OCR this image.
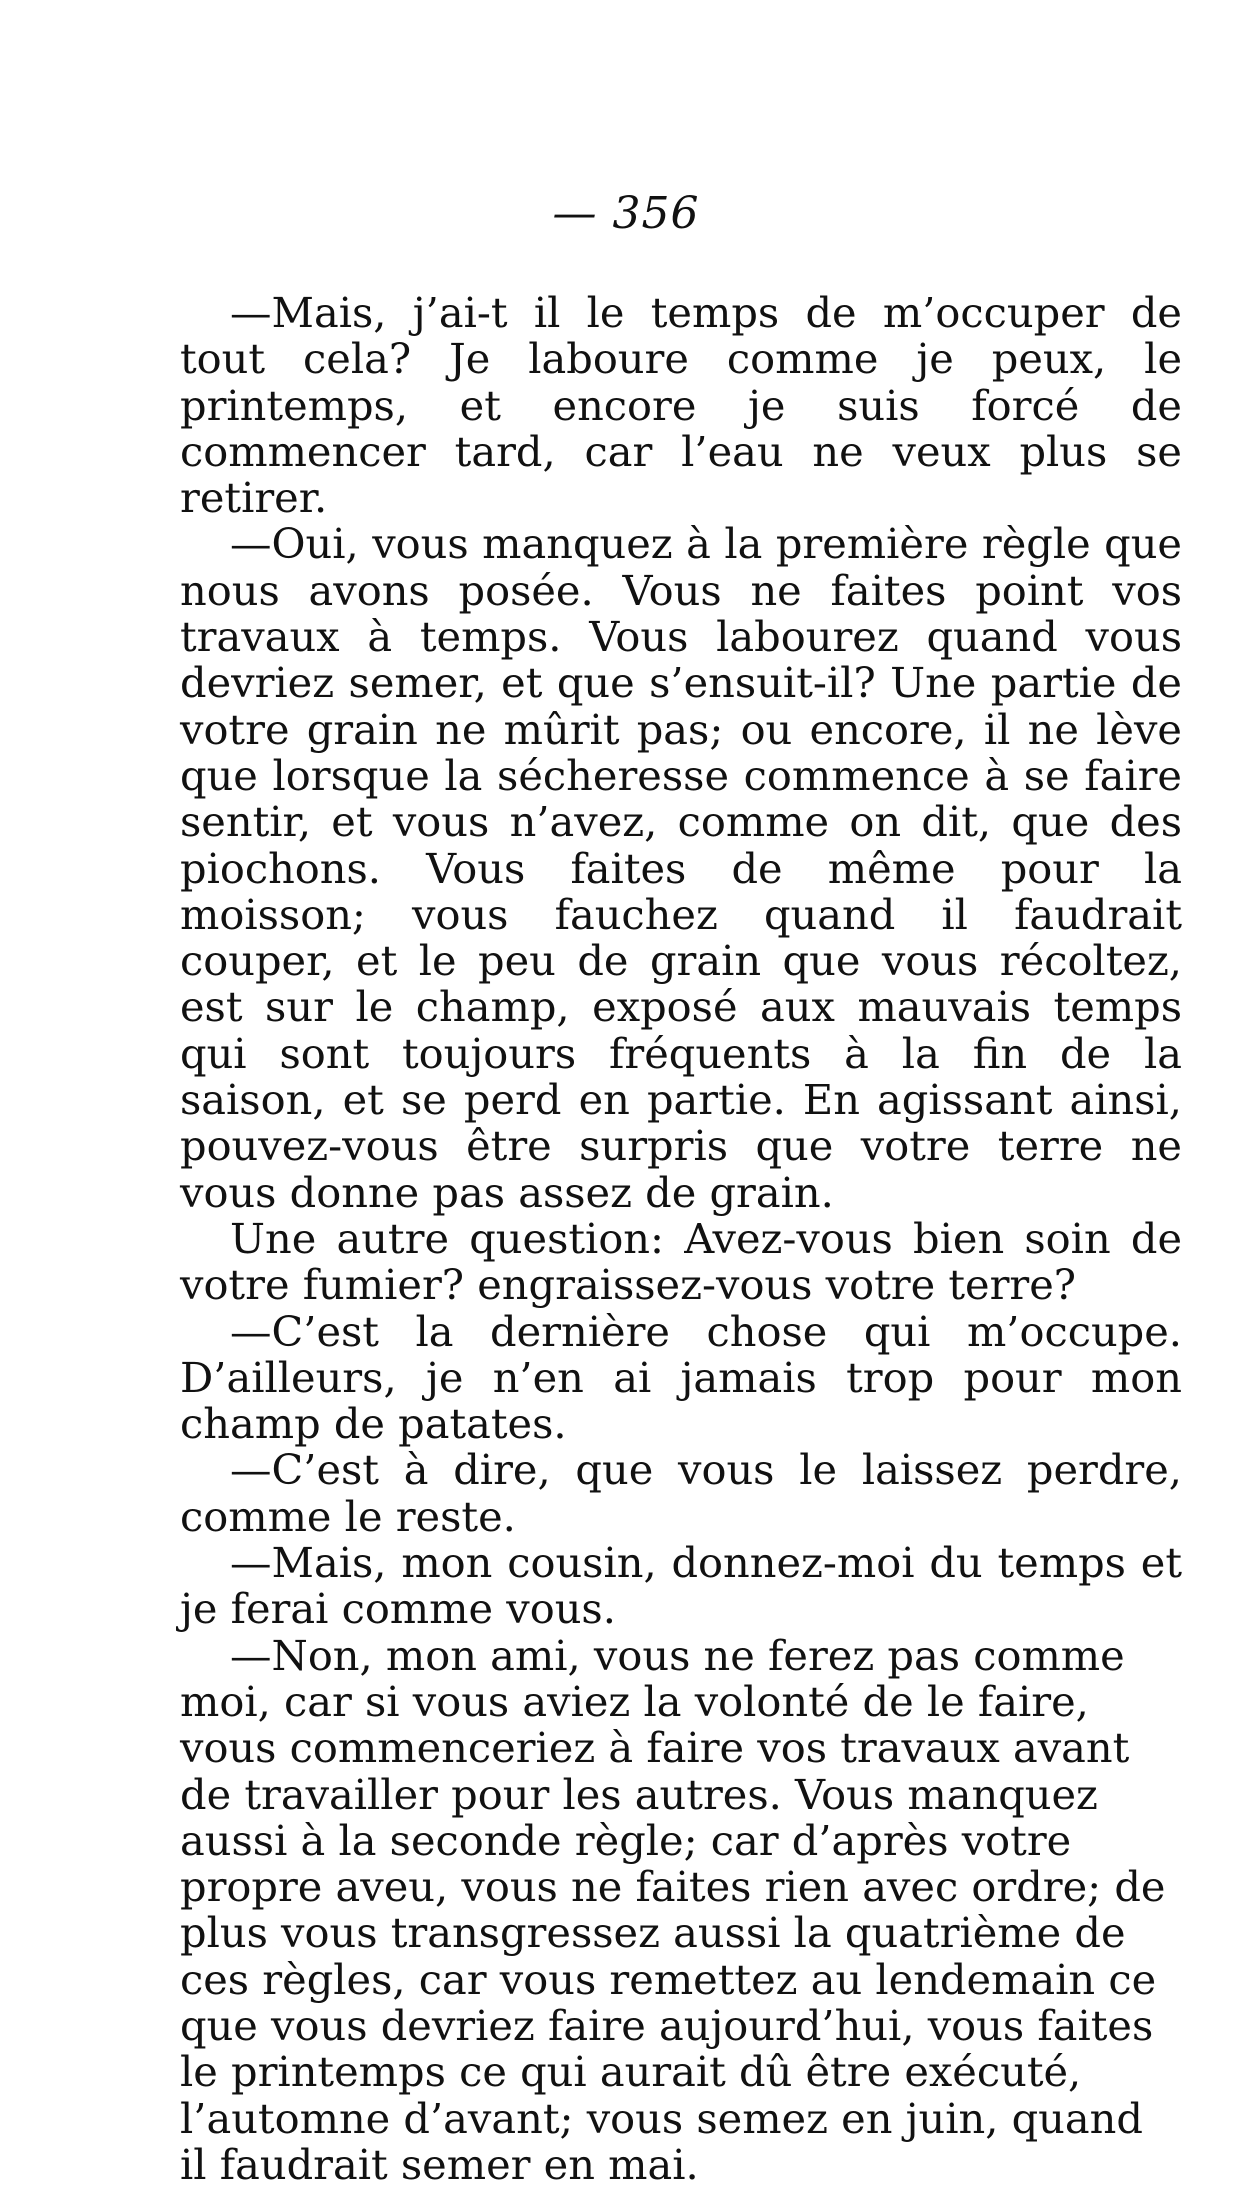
— 356

—Mais, j’ai-t il le temps de m’occuper de tout cela? Je laboure comme je peux, le printemps, et encore je suis forcé de commencer tard, car l’eau ne veux plus se retirer.

—Oui, vous manquez à la première règle que nous avons posée. Vous ne faites point vos travaux à temps. Vous labourez quand vous devriez semer, et que s’ensuit-il? Une partie de votre grain ne mûrit pas; ou encore, il ne lève que lorsque la sécheresse commence à se faire sentir, et vous n’avez, comme on dit, que des piochons. Vous faites de même pour la moisson; vous fauchez quand il faudrait couper, et le peu de grain que vous récoltez, est sur le champ, exposé aux mauvais temps qui sont toujours fréquents à la fin de la saison, et se perd en partie. En agissant ainsi, pouvez-vous être surpris que votre terre ne vous donne pas assez de grain.

Une autre question: Avez-vous bien soin de votre fumier? engraissez-vous votre terre?

—C’est la dernière chose qui m’occupe. D’ailleurs, je n’en ai jamais trop pour mon champ de patates.

—C’est à dire, que vous le laissez perdre, comme le reste.

—Mais, mon cousin, donnez-moi du temps et je ferai comme vous.

—Non, mon ami, vous ne ferez pas comme moi, car si vous aviez la volonté de le faire, vous commenceriez à faire vos travaux avant de travailler pour les autres. Vous manquez aussi à la seconde règle; car d’après votre propre aveu, vous ne faites rien avec ordre; de plus vous transgressez aussi la quatrième de ces règles, car vous remettez au lendemain ce que vous devriez faire aujourd’hui, vous faites le printemps ce qui aurait dû être exécuté, l’automne d’avant; vous semez en juin, quand il faudrait semer en mai.
